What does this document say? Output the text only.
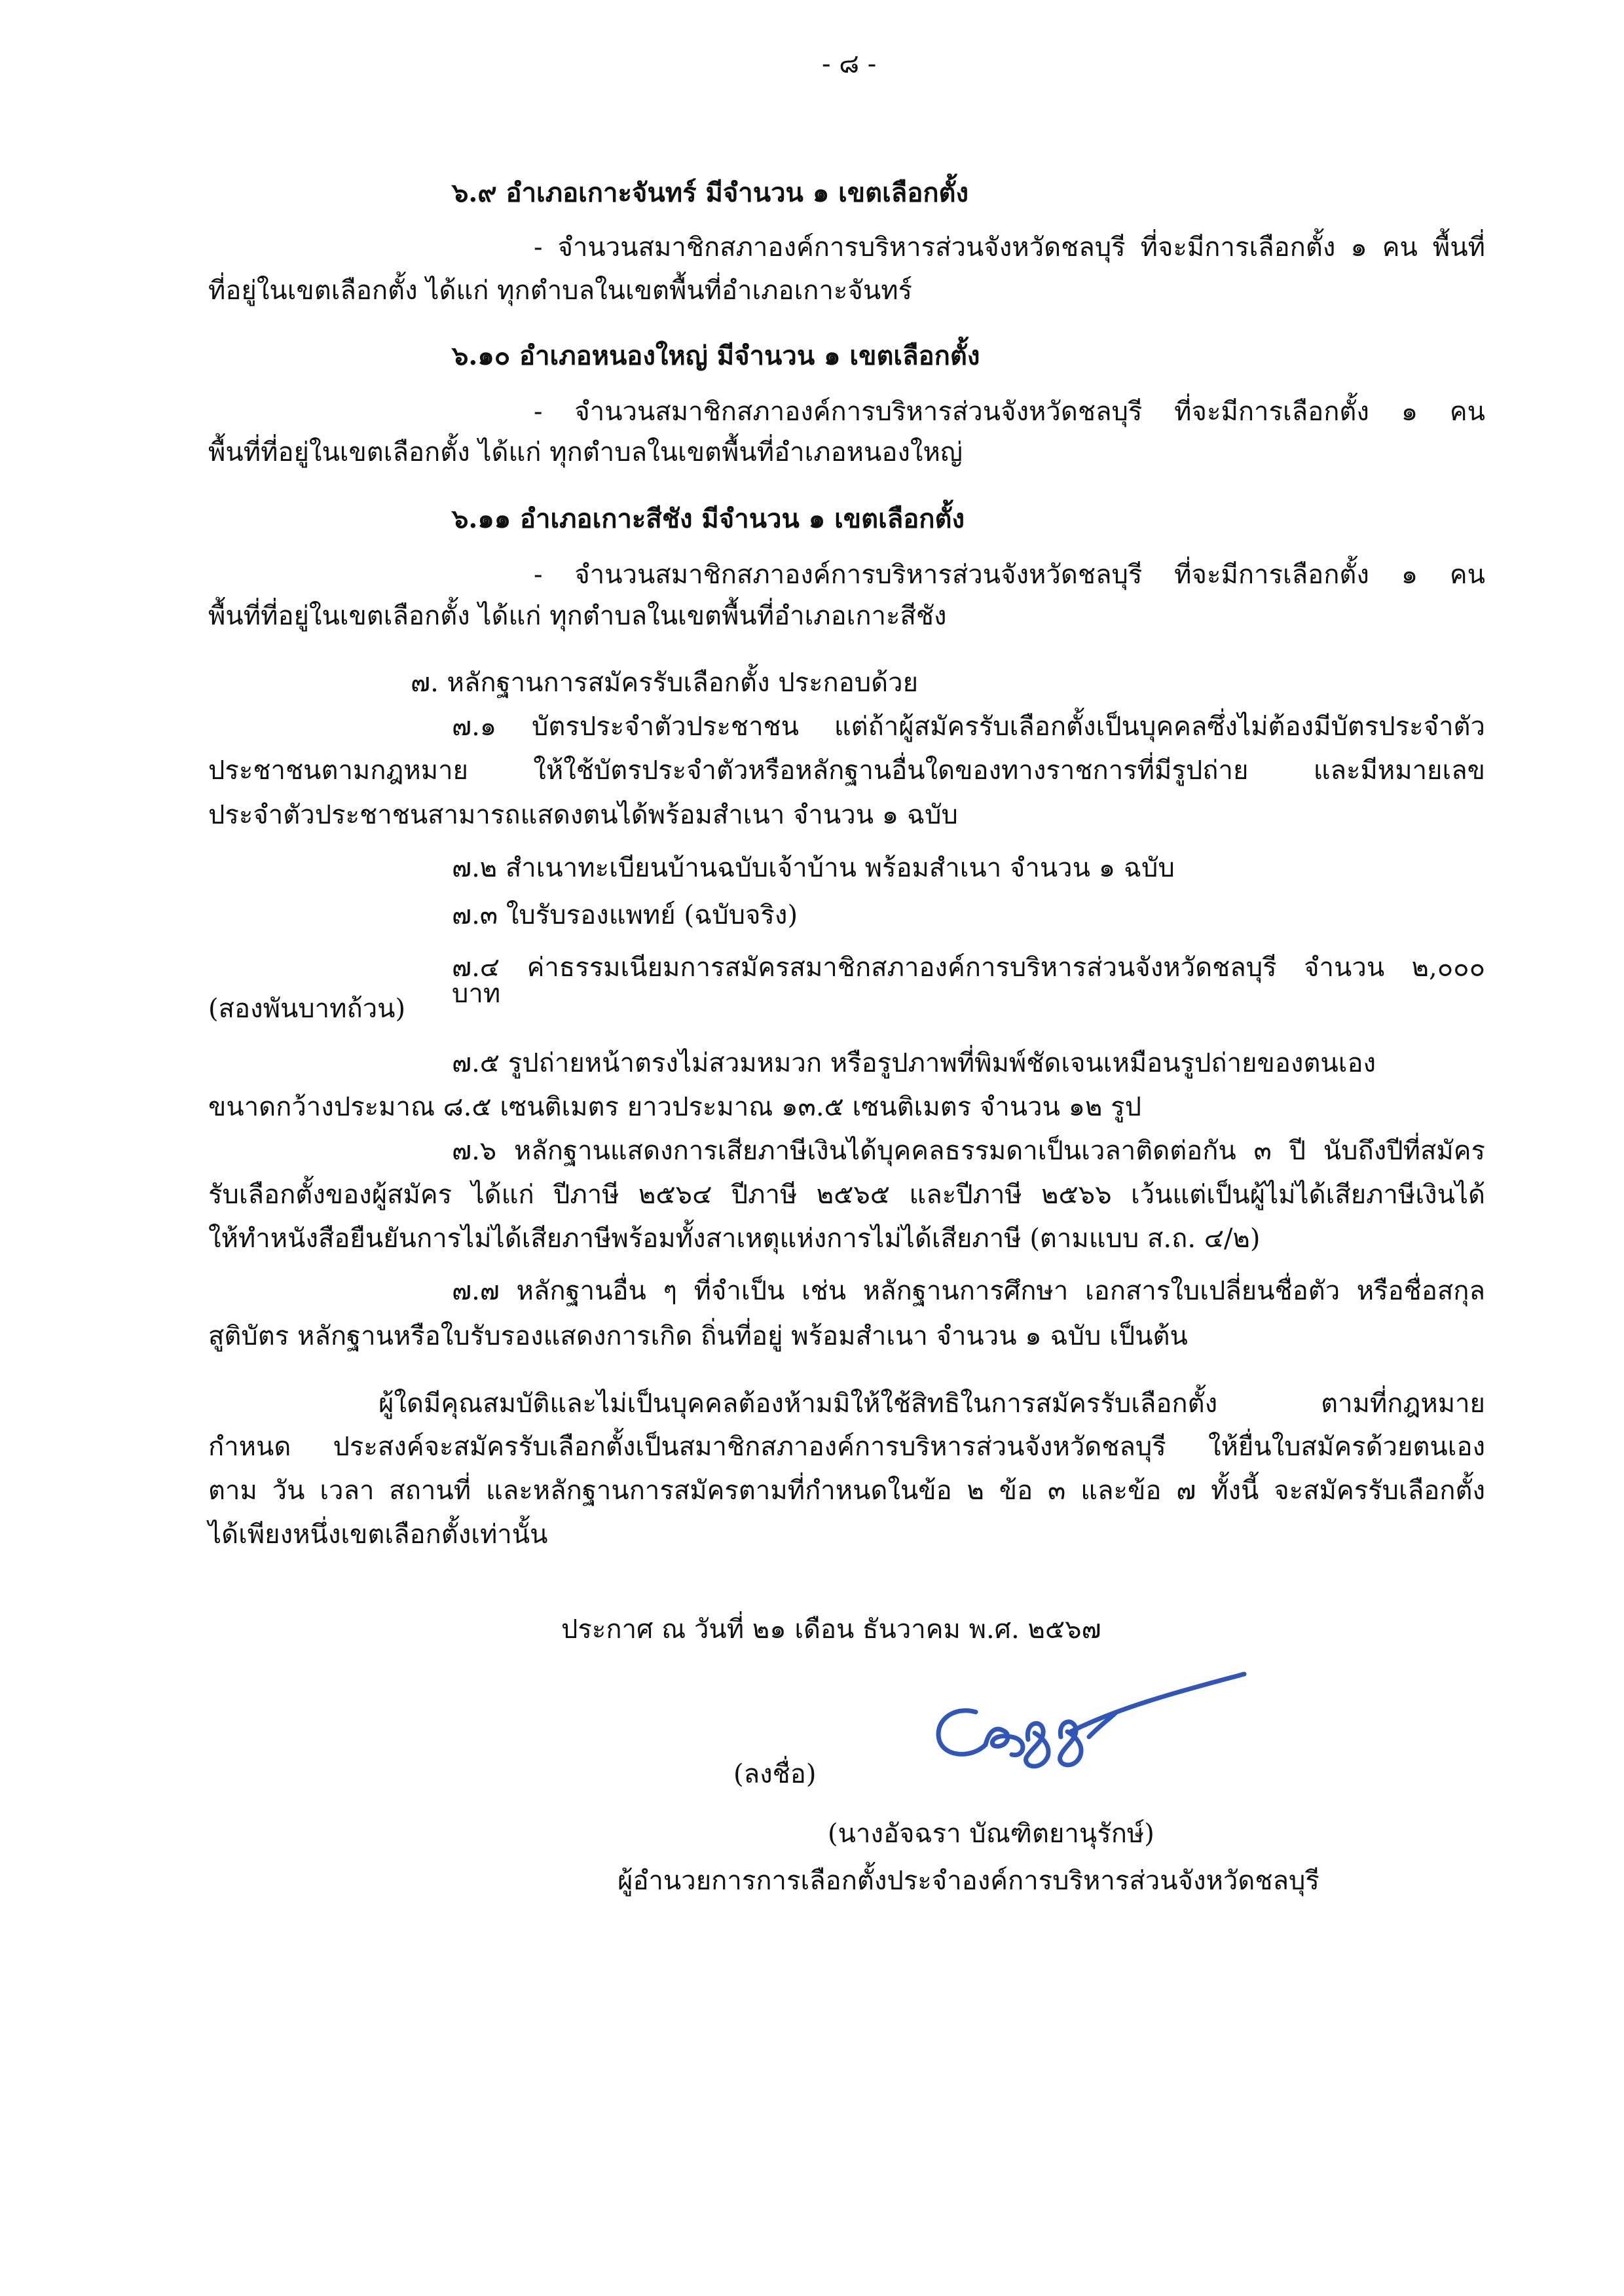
- ๘ -
๖.๙ อำเภอเกาะจันทร์ มีจำนวน ๑ เขตเลือกตั้ง
- จำนวนสมาชิกสภาองค์การบริหารส่วนจังหวัดชลบุรี ที่จะมีการเลือกตั้ง ๑ คน พื้นที่
ที่อยู่ในเขตเลือกตั้ง ได้แก่ ทุกตำบลในเขตพื้นที่อำเภอเกาะจันทร์
๖.๑๐ อำเภอหนองใหญ่ มีจำนวน ๑ เขตเลือกตั้ง
- จำนวนสมาชิกสภาองค์การบริหารส่วนจังหวัดชลบุรี ที่จะมีการเลือกตั้ง ๑ คน
พื้นที่ที่อยู่ในเขตเลือกตั้ง ได้แก่ ทุกตำบลในเขตพื้นที่อำเภอหนองใหญ่
๖.๑๑ อำเภอเกาะสีชัง มีจำนวน ๑ เขตเลือกตั้ง
- จำนวนสมาชิกสภาองค์การบริหารส่วนจังหวัดชลบุรี ที่จะมีการเลือกตั้ง ๑ คน
พื้นที่ที่อยู่ในเขตเลือกตั้ง ได้แก่ ทุกตำบลในเขตพื้นที่อำเภอเกาะสีชัง
๗. หลักฐานการสมัครรับเลือกตั้ง ประกอบด้วย
๗.๑ บัตรประจำตัวประชาชน แต่ถ้าผู้สมัครรับเลือกตั้งเป็นบุคคลซึ่งไม่ต้องมีบัตรประจำตัว
ประชาชนตามกฎหมาย ให้ใช้บัตรประจำตัวหรือหลักฐานอื่นใดของทางราชการที่มีรูปถ่าย และมีหมายเลข
ประจำตัวประชาชนสามารถแสดงตนได้พร้อมสำเนา จำนวน ๑ ฉบับ
๗.๒ สำเนาทะเบียนบ้านฉบับเจ้าบ้าน พร้อมสำเนา จำนวน ๑ ฉบับ
๗.๓ ใบรับรองแพทย์ (ฉบับจริง)
๗.๔ ค่าธรรมเนียมการสมัครสมาชิกสภาองค์การบริหารส่วนจังหวัดชลบุรี จำนวน ๒,๐๐๐ บาท
(สองพันบาทถ้วน)
๗.๕ รูปถ่ายหน้าตรงไม่สวมหมวก หรือรูปภาพที่พิมพ์ชัดเจนเหมือนรูปถ่ายของตนเอง
ขนาดกว้างประมาณ ๘.๕ เซนติเมตร ยาวประมาณ ๑๓.๕ เซนติเมตร จำนวน ๑๒ รูป
๗.๖ หลักฐานแสดงการเสียภาษีเงินได้บุคคลธรรมดาเป็นเวลาติดต่อกัน ๓ ปี นับถึงปีที่สมัคร
รับเลือกตั้งของผู้สมัคร ได้แก่ ปีภาษี ๒๕๖๔ ปีภาษี ๒๕๖๕ และปีภาษี ๒๕๖๖ เว้นแต่เป็นผู้ไม่ได้เสียภาษีเงินได้
ให้ทำหนังสือยืนยันการไม่ได้เสียภาษีพร้อมทั้งสาเหตุแห่งการไม่ได้เสียภาษี (ตามแบบ ส.ถ. ๔/๒)
๗.๗ หลักฐานอื่น ๆ ที่จำเป็น เช่น หลักฐานการศึกษา เอกสารใบเปลี่ยนชื่อตัว หรือชื่อสกุล
สูติบัตร หลักฐานหรือใบรับรองแสดงการเกิด ถิ่นที่อยู่ พร้อมสำเนา จำนวน ๑ ฉบับ เป็นต้น
ผู้ใดมีคุณสมบัติและไม่เป็นบุคคลต้องห้ามมิให้ใช้สิทธิในการสมัครรับเลือกตั้ง ตามที่กฎหมาย
กำหนด ประสงค์จะสมัครรับเลือกตั้งเป็นสมาชิกสภาองค์การบริหารส่วนจังหวัดชลบุรี ให้ยื่นใบสมัครด้วยตนเอง
ตาม วัน เวลา สถานที่ และหลักฐานการสมัครตามที่กำหนดในข้อ ๒ ข้อ ๓ และข้อ ๗ ทั้งนี้ จะสมัครรับเลือกตั้ง
ได้เพียงหนึ่งเขตเลือกตั้งเท่านั้น
ประกาศ ณ วันที่ ๒๑ เดือน ธันวาคม พ.ศ. ๒๕๖๗
(ลงชื่อ)
(นางอัจฉรา บัณฑิตยานุรักษ์)
ผู้อำนวยการการเลือกตั้งประจำองค์การบริหารส่วนจังหวัดชลบุรี
